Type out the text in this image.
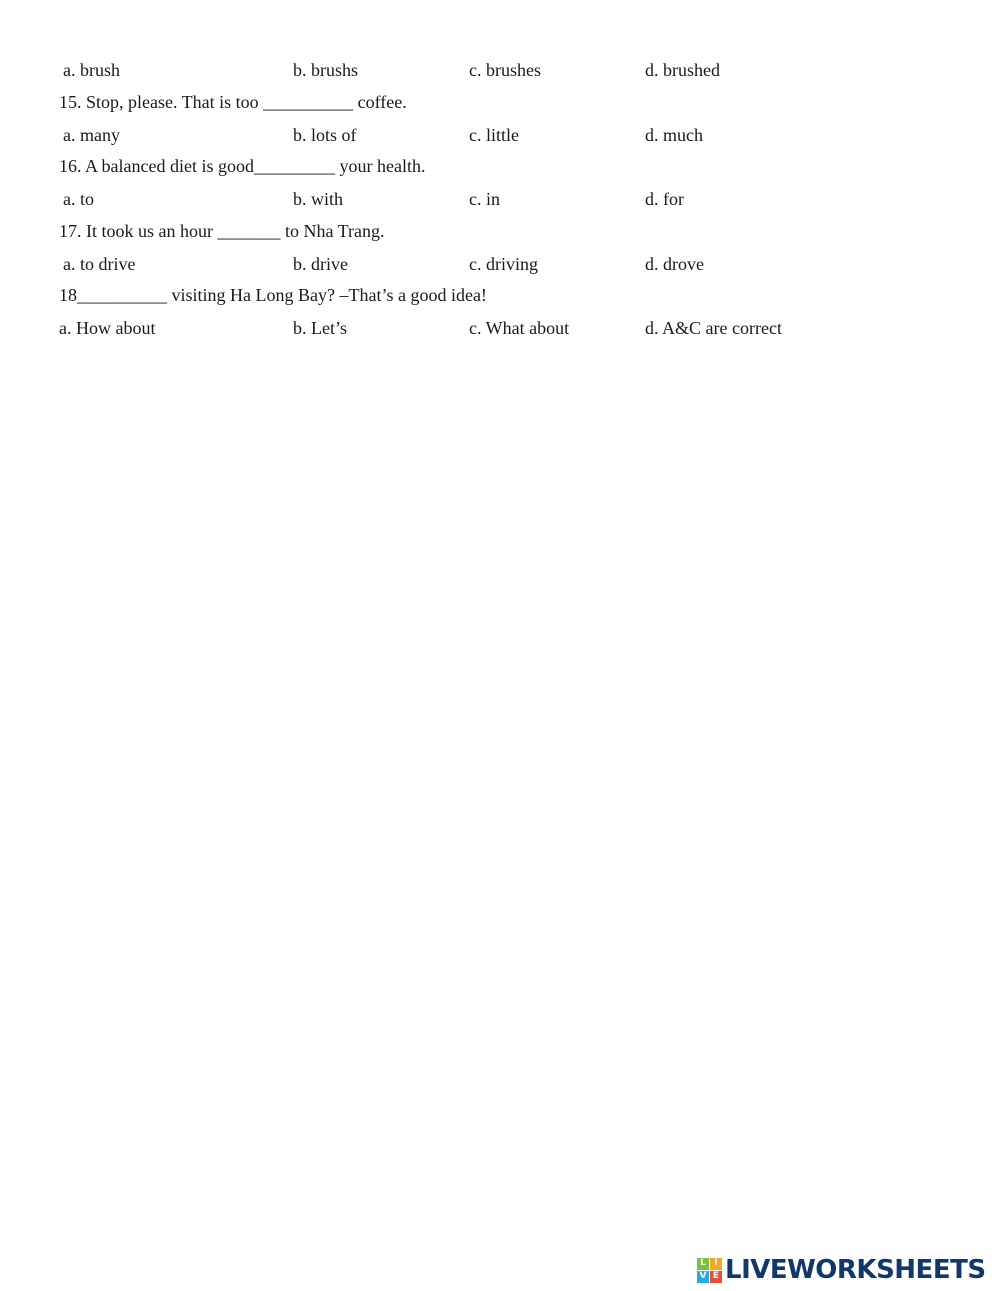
a. brush	b. brushs	c. brushes	d. brushed
15. Stop, please. That is too __________ coffee.
a. many	b. lots of	c. little	d. much
16. A balanced diet is good_________ your health.
a. to	b. with	c. in	d. for
17. It took us an hour _______ to Nha Trang.
a. to drive	b. drive	c. driving	d. drove
18__________ visiting Ha Long Bay? –That’s a good idea!
a. How about	b. Let’s	c. What about	d. A&C are correct
L I
V E LIVEWORKSHEETS
